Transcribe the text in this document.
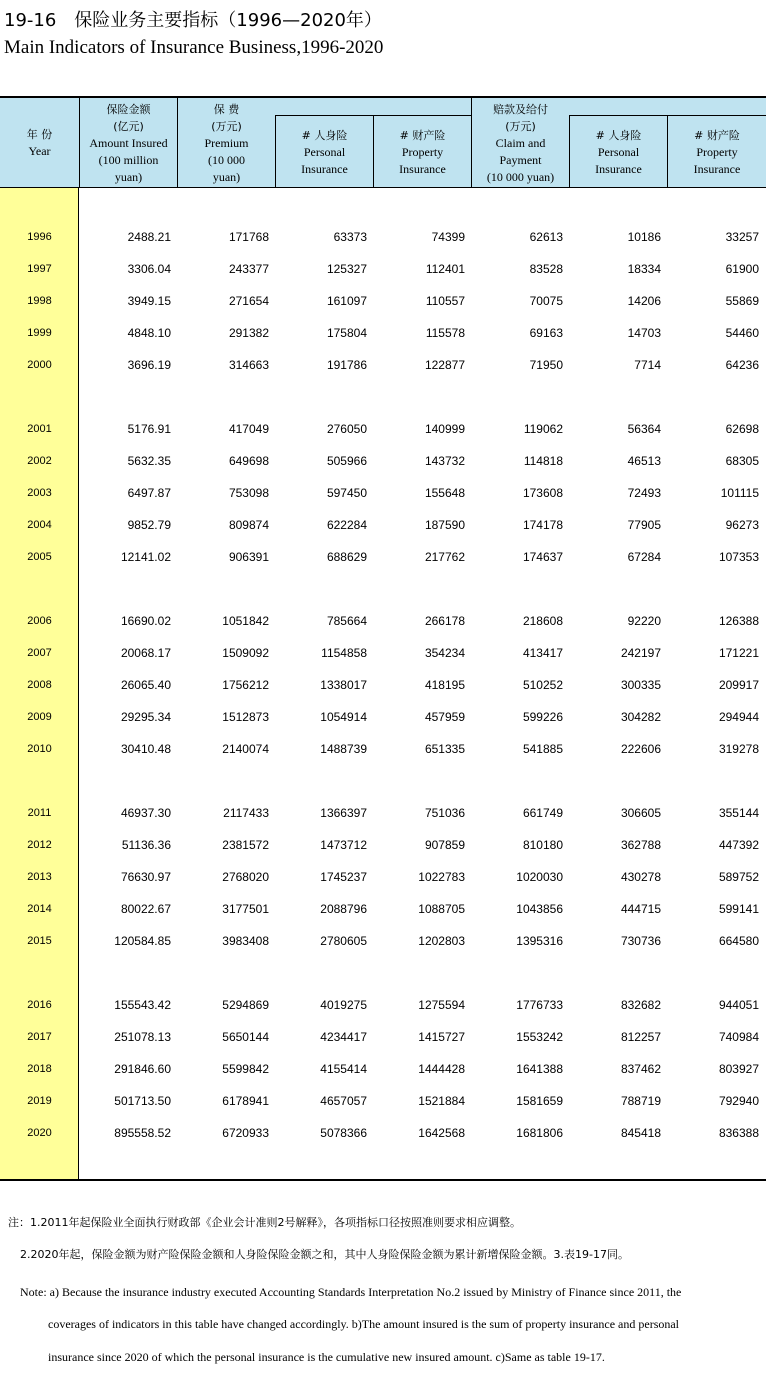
19-16　保险业务主要指标（1996—2020年）
Main Indicators of Insurance Business,1996-2020
年 份
Year
保险金额
(亿元)
Amount Insured
(100 million
yuan)
保 费
(万元)
Premium
(10 000
yuan)
# 人身险
Personal
Insurance
# 财产险
Property
Insurance
赔款及给付
(万元)
Claim and
Payment
(10 000 yuan)
# 人身险
Personal
Insurance
# 财产险
Property
Insurance
1996	2488.21	171768	63373	74399	62613	10186	33257
1997	3306.04	243377	125327	112401	83528	18334	61900
1998	3949.15	271654	161097	110557	70075	14206	55869
1999	4848.10	291382	175804	115578	69163	14703	54460
2000	3696.19	314663	191786	122877	71950	7714	64236
2001	5176.91	417049	276050	140999	119062	56364	62698
2002	5632.35	649698	505966	143732	114818	46513	68305
2003	6497.87	753098	597450	155648	173608	72493	101115
2004	9852.79	809874	622284	187590	174178	77905	96273
2005	12141.02	906391	688629	217762	174637	67284	107353
2006	16690.02	1051842	785664	266178	218608	92220	126388
2007	20068.17	1509092	1154858	354234	413417	242197	171221
2008	26065.40	1756212	1338017	418195	510252	300335	209917
2009	29295.34	1512873	1054914	457959	599226	304282	294944
2010	30410.48	2140074	1488739	651335	541885	222606	319278
2011	46937.30	2117433	1366397	751036	661749	306605	355144
2012	51136.36	2381572	1473712	907859	810180	362788	447392
2013	76630.97	2768020	1745237	1022783	1020030	430278	589752
2014	80022.67	3177501	2088796	1088705	1043856	444715	599141
2015	120584.85	3983408	2780605	1202803	1395316	730736	664580
2016	155543.42	5294869	4019275	1275594	1776733	832682	944051
2017	251078.13	5650144	4234417	1415727	1553242	812257	740984
2018	291846.60	5599842	4155414	1444428	1641388	837462	803927
2019	501713.50	6178941	4657057	1521884	1581659	788719	792940
2020	895558.52	6720933	5078366	1642568	1681806	845418	836388
注：1.2011年起保险业全面执行财政部《企业会计准则2号解释》，各项指标口径按照准则要求相应调整。
2.2020年起，保险金额为财产险保险金额和人身险保险金额之和，其中人身险保险金额为累计新增保险金额。3.表19-17同。
Note: a) Because the insurance industry executed Accounting Standards Interpretation No.2 issued by Ministry of Finance since 2011, the
coverages of indicators in this table have changed accordingly. b)The amount insured is the sum of property insurance and personal
insurance since 2020 of which the personal insurance is the cumulative new insured amount. c)Same as table 19-17.
